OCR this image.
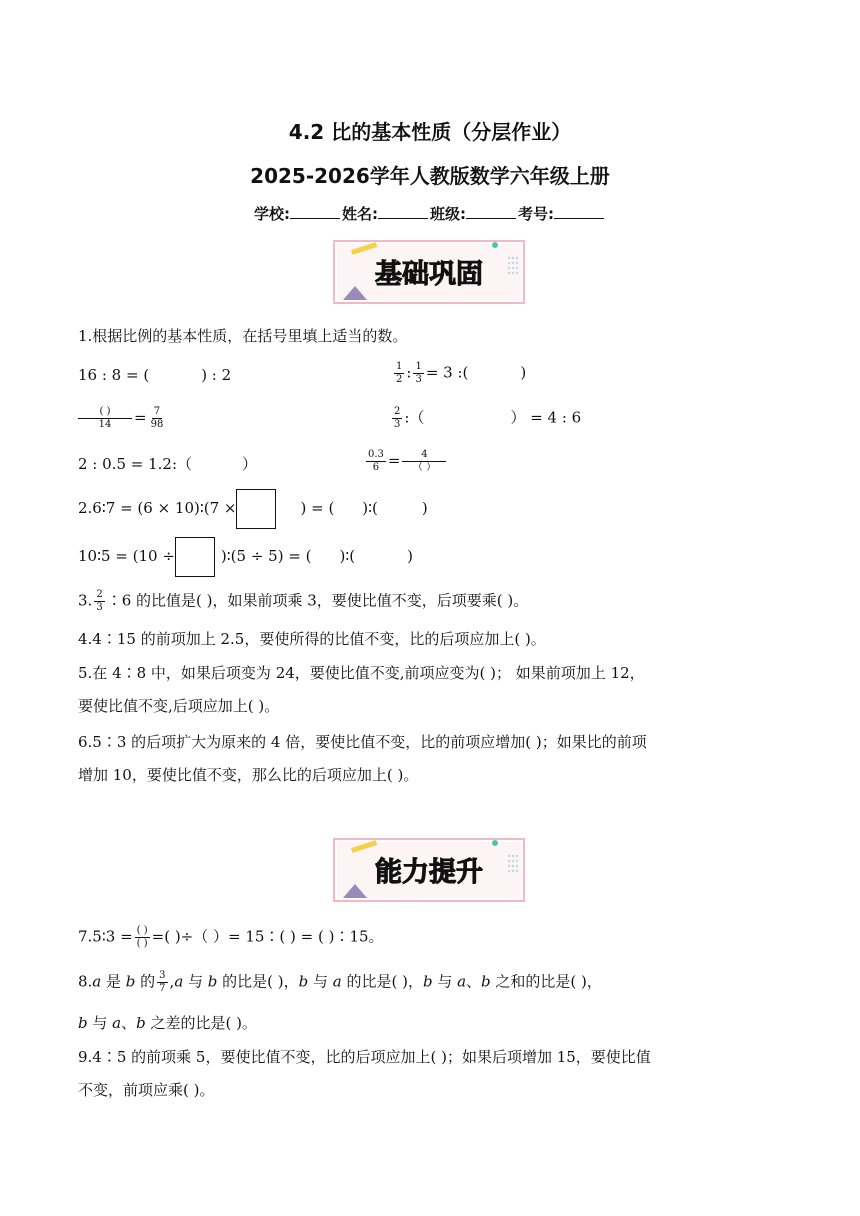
4.2 比的基本性质（分层作业）
2025-2026学年人教版数学六年级上册
学校:	姓名:	班级:	考号:
基础巩固
1.根据比例的基本性质，在括号里填上适当的数。
16 : 8 = (	) : 2	$\frac{1}{2}$ : $\frac{1}{3} = 3$ :(	)
$\frac{( )}{14} = \frac{7}{98}$	$\frac{2}{3}$ :（	） = 4 : 6
2 : 0.5 = 1.2:（	）	$\frac{0.3}{6} = \frac{4}{( )}$
2.6∶7 = (6 × 10)∶(7 ×	) = ( )∶(	)
10∶5 = (10 ÷	)∶(5 ÷ 5) = ( )∶(	)
3. $\frac{2}{3}$ ∶6 的比值是( )，如果前项乘 3，要使比值不变，后项要乘( )。
4.4∶15 的前项加上 2.5，要使所得的比值不变，比的后项应加上( )。
5.在 4∶8 中，如果后项变为 24，要使比值不变,前项应变为( )； 如果前项加上 12，
要使比值不变,后项应加上( )。
6.5∶3 的后项扩大为原来的 4 倍，要使比值不变，比的前项应增加( )；如果比的前项
增加 10，要使比值不变，那么比的后项应加上( )。
能力提升
7.5∶3 = $\frac{( )}{( )}$ =( )÷（ ）= 15∶( ) = ( )∶15。
8.𝑎 是 𝑏 的 $\frac{3}{7}$ ,𝑎 与 𝑏 的比是( )，𝑏 与 𝑎 的比是( )，𝑏 与 𝑎、𝑏 之和的比是( )，
𝑏 与 𝑎、𝑏 之差的比是( )。
9.4∶5 的前项乘 5，要使比值不变，比的后项应加上( )；如果后项增加 15，要使比值
不变，前项应乘( )。
